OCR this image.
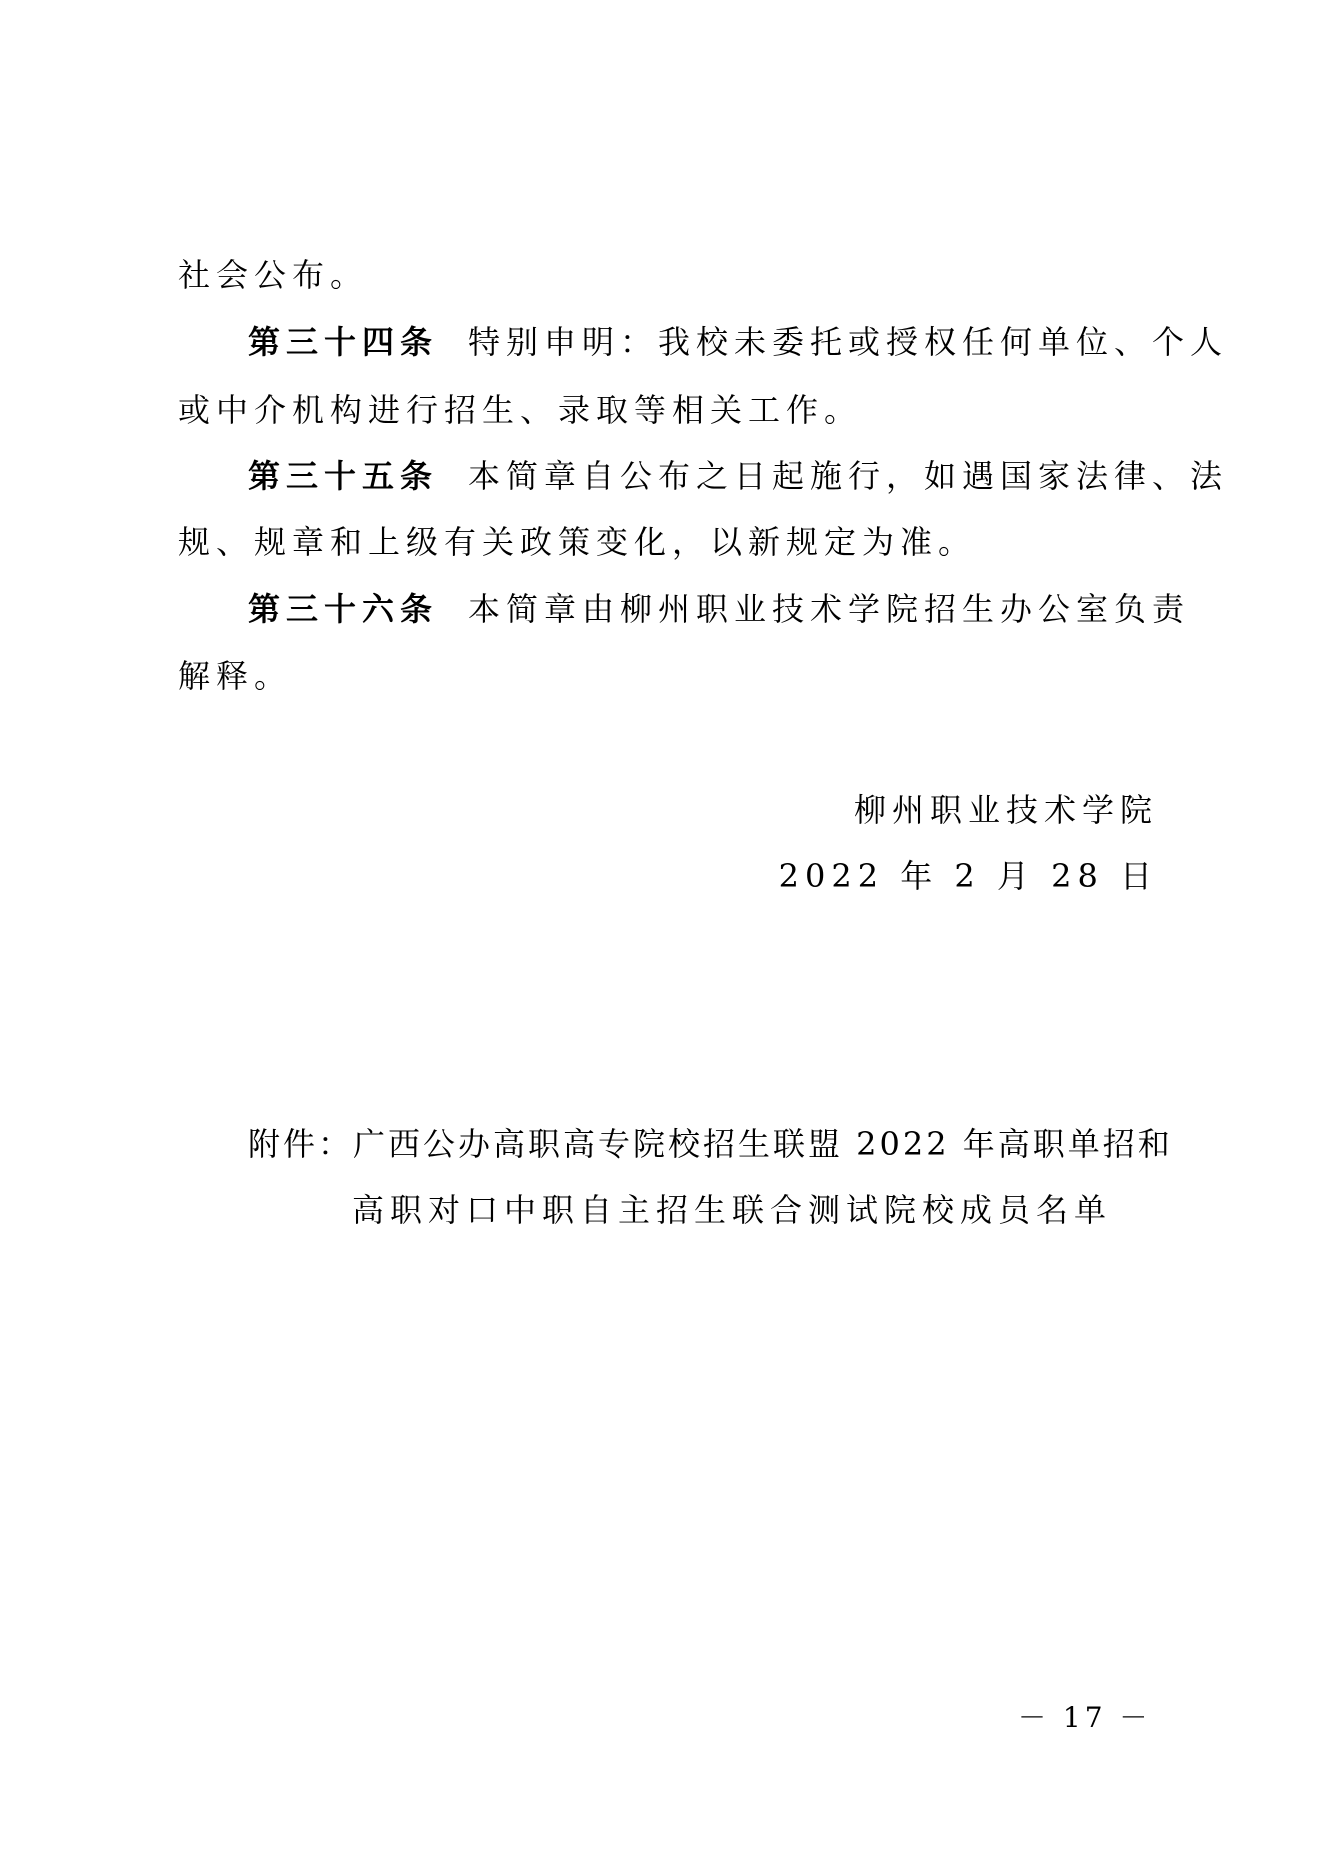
社会公布。
第三十四条 特别申明：我校未委托或授权任何单位、个人
或中介机构进行招生、录取等相关工作。
第三十五条 本简章自公布之日起施行，如遇国家法律、法
规、规章和上级有关政策变化，以新规定为准。
第三十六条 本简章由柳州职业技术学院招生办公室负责
解释。
柳州职业技术学院
2022 年 2 月 28 日
附件：广西公办高职高专院校招生联盟 2022 年高职单招和
高职对口中职自主招生联合测试院校成员名单
－ 17 －
